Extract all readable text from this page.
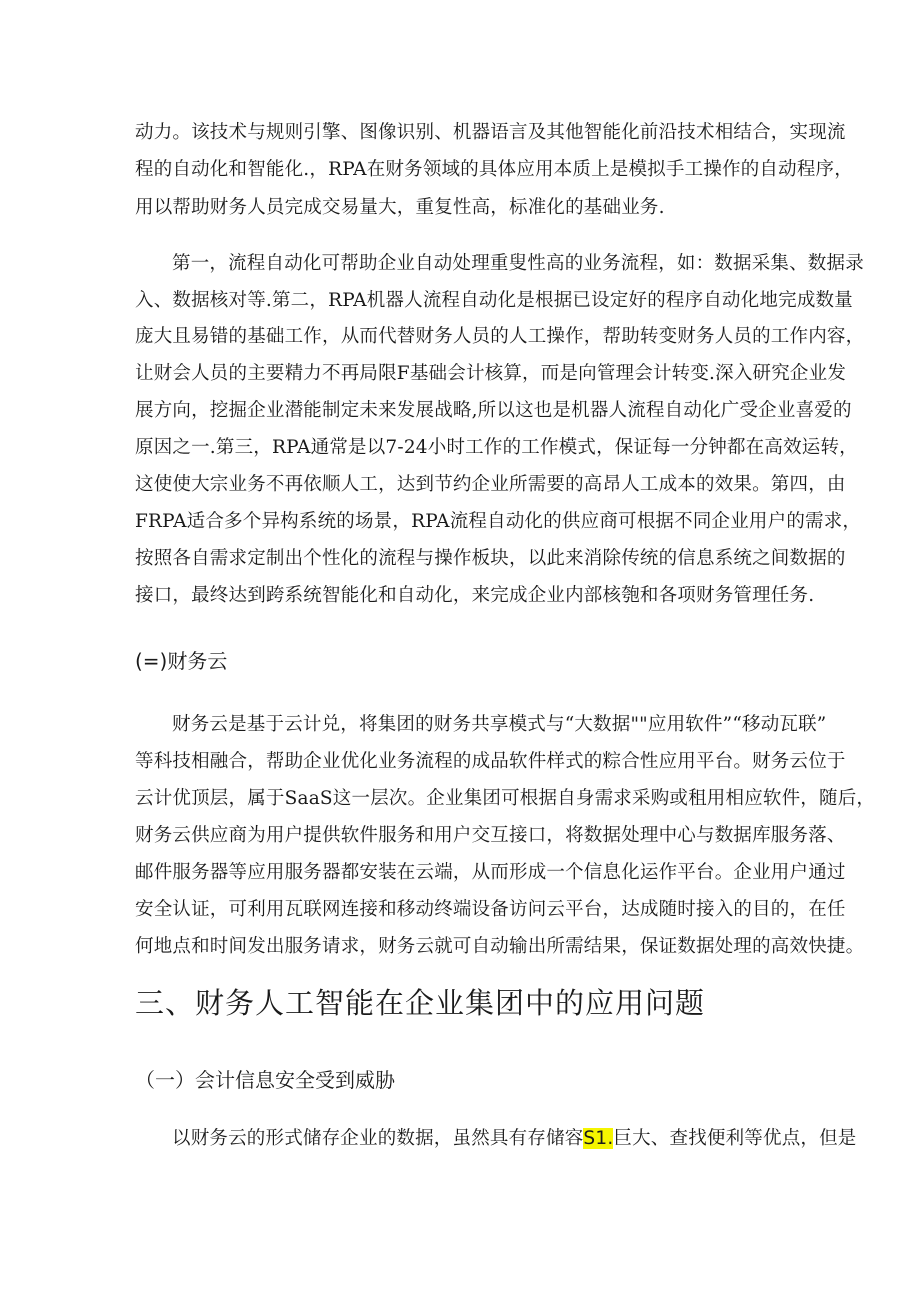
动力。该技术与规则引擎、图像识别、机器语言及其他智能化前沿技术相结合，实现流
程的自动化和智能化.，RPA在财务领域的具体应用本质上是模拟手工操作的自动程序，
用以帮助财务人员完成交易量大，重复性高，标准化的基础业务.
第一，流程自动化可帮助企业自动处理重叟性高的业务流程，如：数据采集、数据录
入、数据核对等.第二，RPA机器人流程自动化是根据已设定好的程序自动化地完成数量
庞大且易错的基础工作，从而代替财务人员的人工操作，帮助转变财务人员的工作内容，
让财会人员的主要精力不再局限F基础会计核算，而是向管理会计转变.深入研究企业发
展方向，挖掘企业潜能制定未来发展战略,所以这也是机器人流程自动化广受企业喜爱的
原因之一.第三，RPA通常是以7-24小时工作的工作模式，保证每一分钟都在高效运转，
这使使大宗业务不再依顺人工，达到节约企业所需要的高昂人工成本的效果。第四，由
FRPA适合多个异构系统的场景，RPA流程自动化的供应商可根据不同企业用户的需求，
按照各自需求定制出个性化的流程与操作板块，以此来消除传统的信息系统之间数据的
接口，最终达到跨系统智能化和自动化，来完成企业内部核匏和各项财务管理任务.
(=)财务云
财务云是基于云计兑，将集团的财务共享模式与“大数据""应用软件”“移动瓦联”
等科技相融合，帮助企业优化业务流程的成品软件样式的粽合性应用平台。财务云位于
云计优顶层，属于SaaS这一层次。企业集团可根据自身需求采购或租用相应软件，随后，
财务云供应商为用户提供软件服务和用户交互接口，将数据处理中心与数据库服务落、
邮件服务器等应用服务器都安装在云端，从而形成一个信息化运作平台。企业用户通过
安全认证，可利用瓦联网连接和移动终端设备访问云平台，达成随时接入的目的，在任
何地点和时间发出服务请求，财务云就可自动输出所需结果，保证数据处理的高效快捷。
三、财务人工智能在企业集团中的应用问题
（一）会计信息安全受到威胁
以财务云的形式储存企业的数据，虽然具有存储容S1.巨大、查找便利等优点，但是
